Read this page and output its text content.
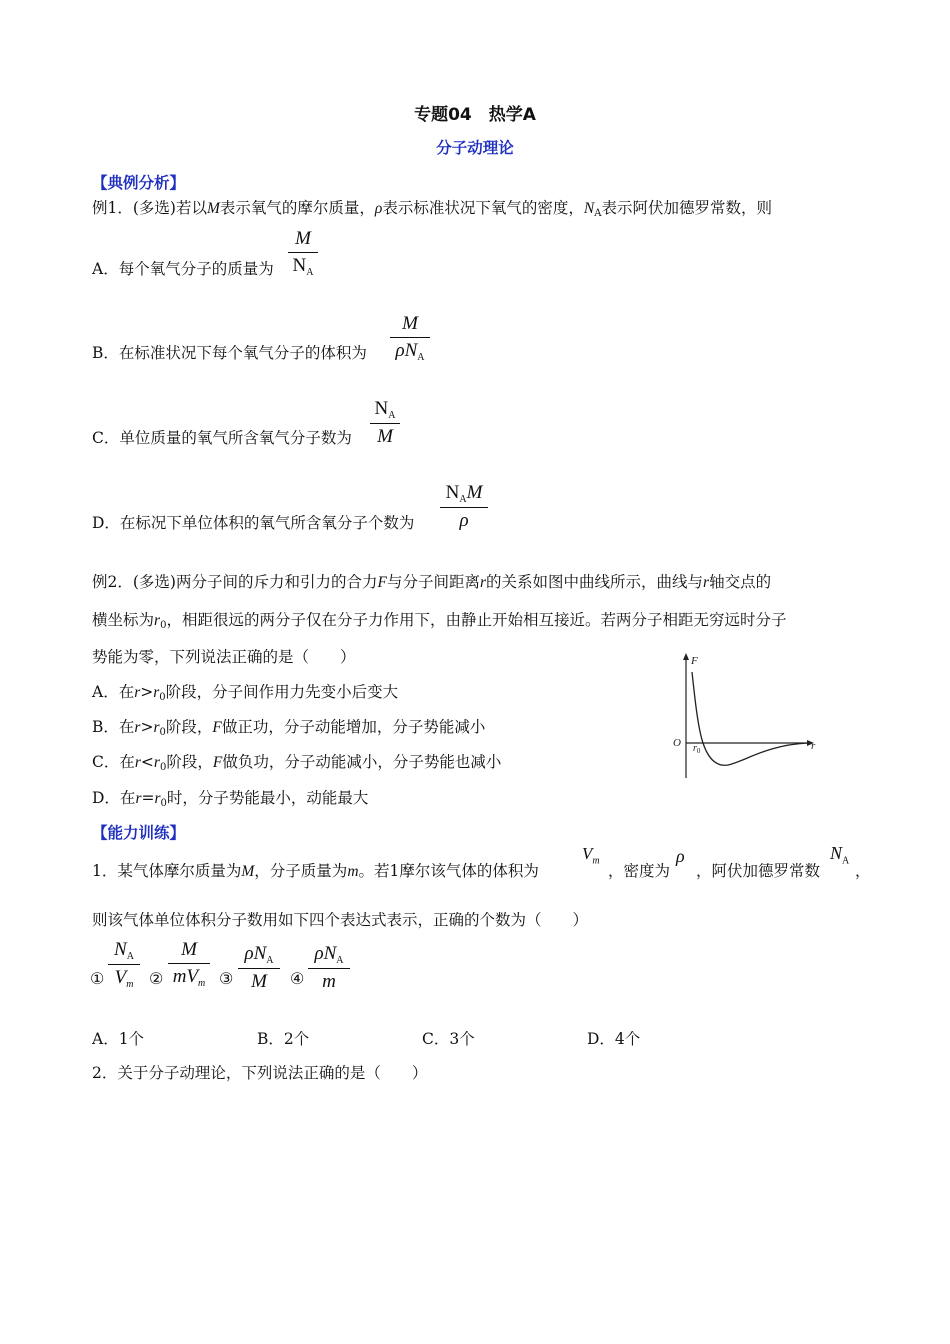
专题04　热学A
分子动理论
【典例分析】
例1．(多选)若以M表示氧气的摩尔质量，ρ表示标准状况下氧气的密度，$N_A$表示阿伏加德罗常数，则
A．每个氧气分子的质量为 $\frac{M}{N_A}$
B．在标准状况下每个氧气分子的体积为
M
$\rho N_A$
C．单位质量的氧气所含氧气分子数为 $\frac{N_A}{M}$
D．在标况下单位体积的氧气所含氧分子个数为
$N_AM$
ρ
例2．(多选)两分子间的斥力和引力的合力F与分子间距离r的关系如图中曲线所示，曲线与r轴交点的
横坐标为$r_0$，相距很远的两分子仅在分子力作用下，由静止开始相互接近。若两分子相距无穷远时分子
势能为零，下列说法正确的是（　　）
A．在$r>r_0$阶段，分子间作用力先变小后变大
B．在$r>r_0$阶段，F做正功，分子动能增加，分子势能减小
C．在$r<r_0$阶段，F做负功，分子动能减小，分子势能也减小
D．在$r=r_0$时，分子势能最小，动能最大
F
r
O $r_0$
【能力训练】
1．某气体摩尔质量为M，分子质量为m。若1摩尔该气体的体积为
$V_m$
，密度为
ρ
，阿伏加德罗常数
$N_A$
，
则该气体单位体积分子数用如下四个表达式表示，正确的个数为（　　）
① $\frac{N_A}{V_m}$ ②
M
$mV_m$ ③
$\rho N_A$
M	④
$\rho N_A$
m
A．1个	B．2个	C．3个	D．4个
2．关于分子动理论，下列说法正确的是（　　）
